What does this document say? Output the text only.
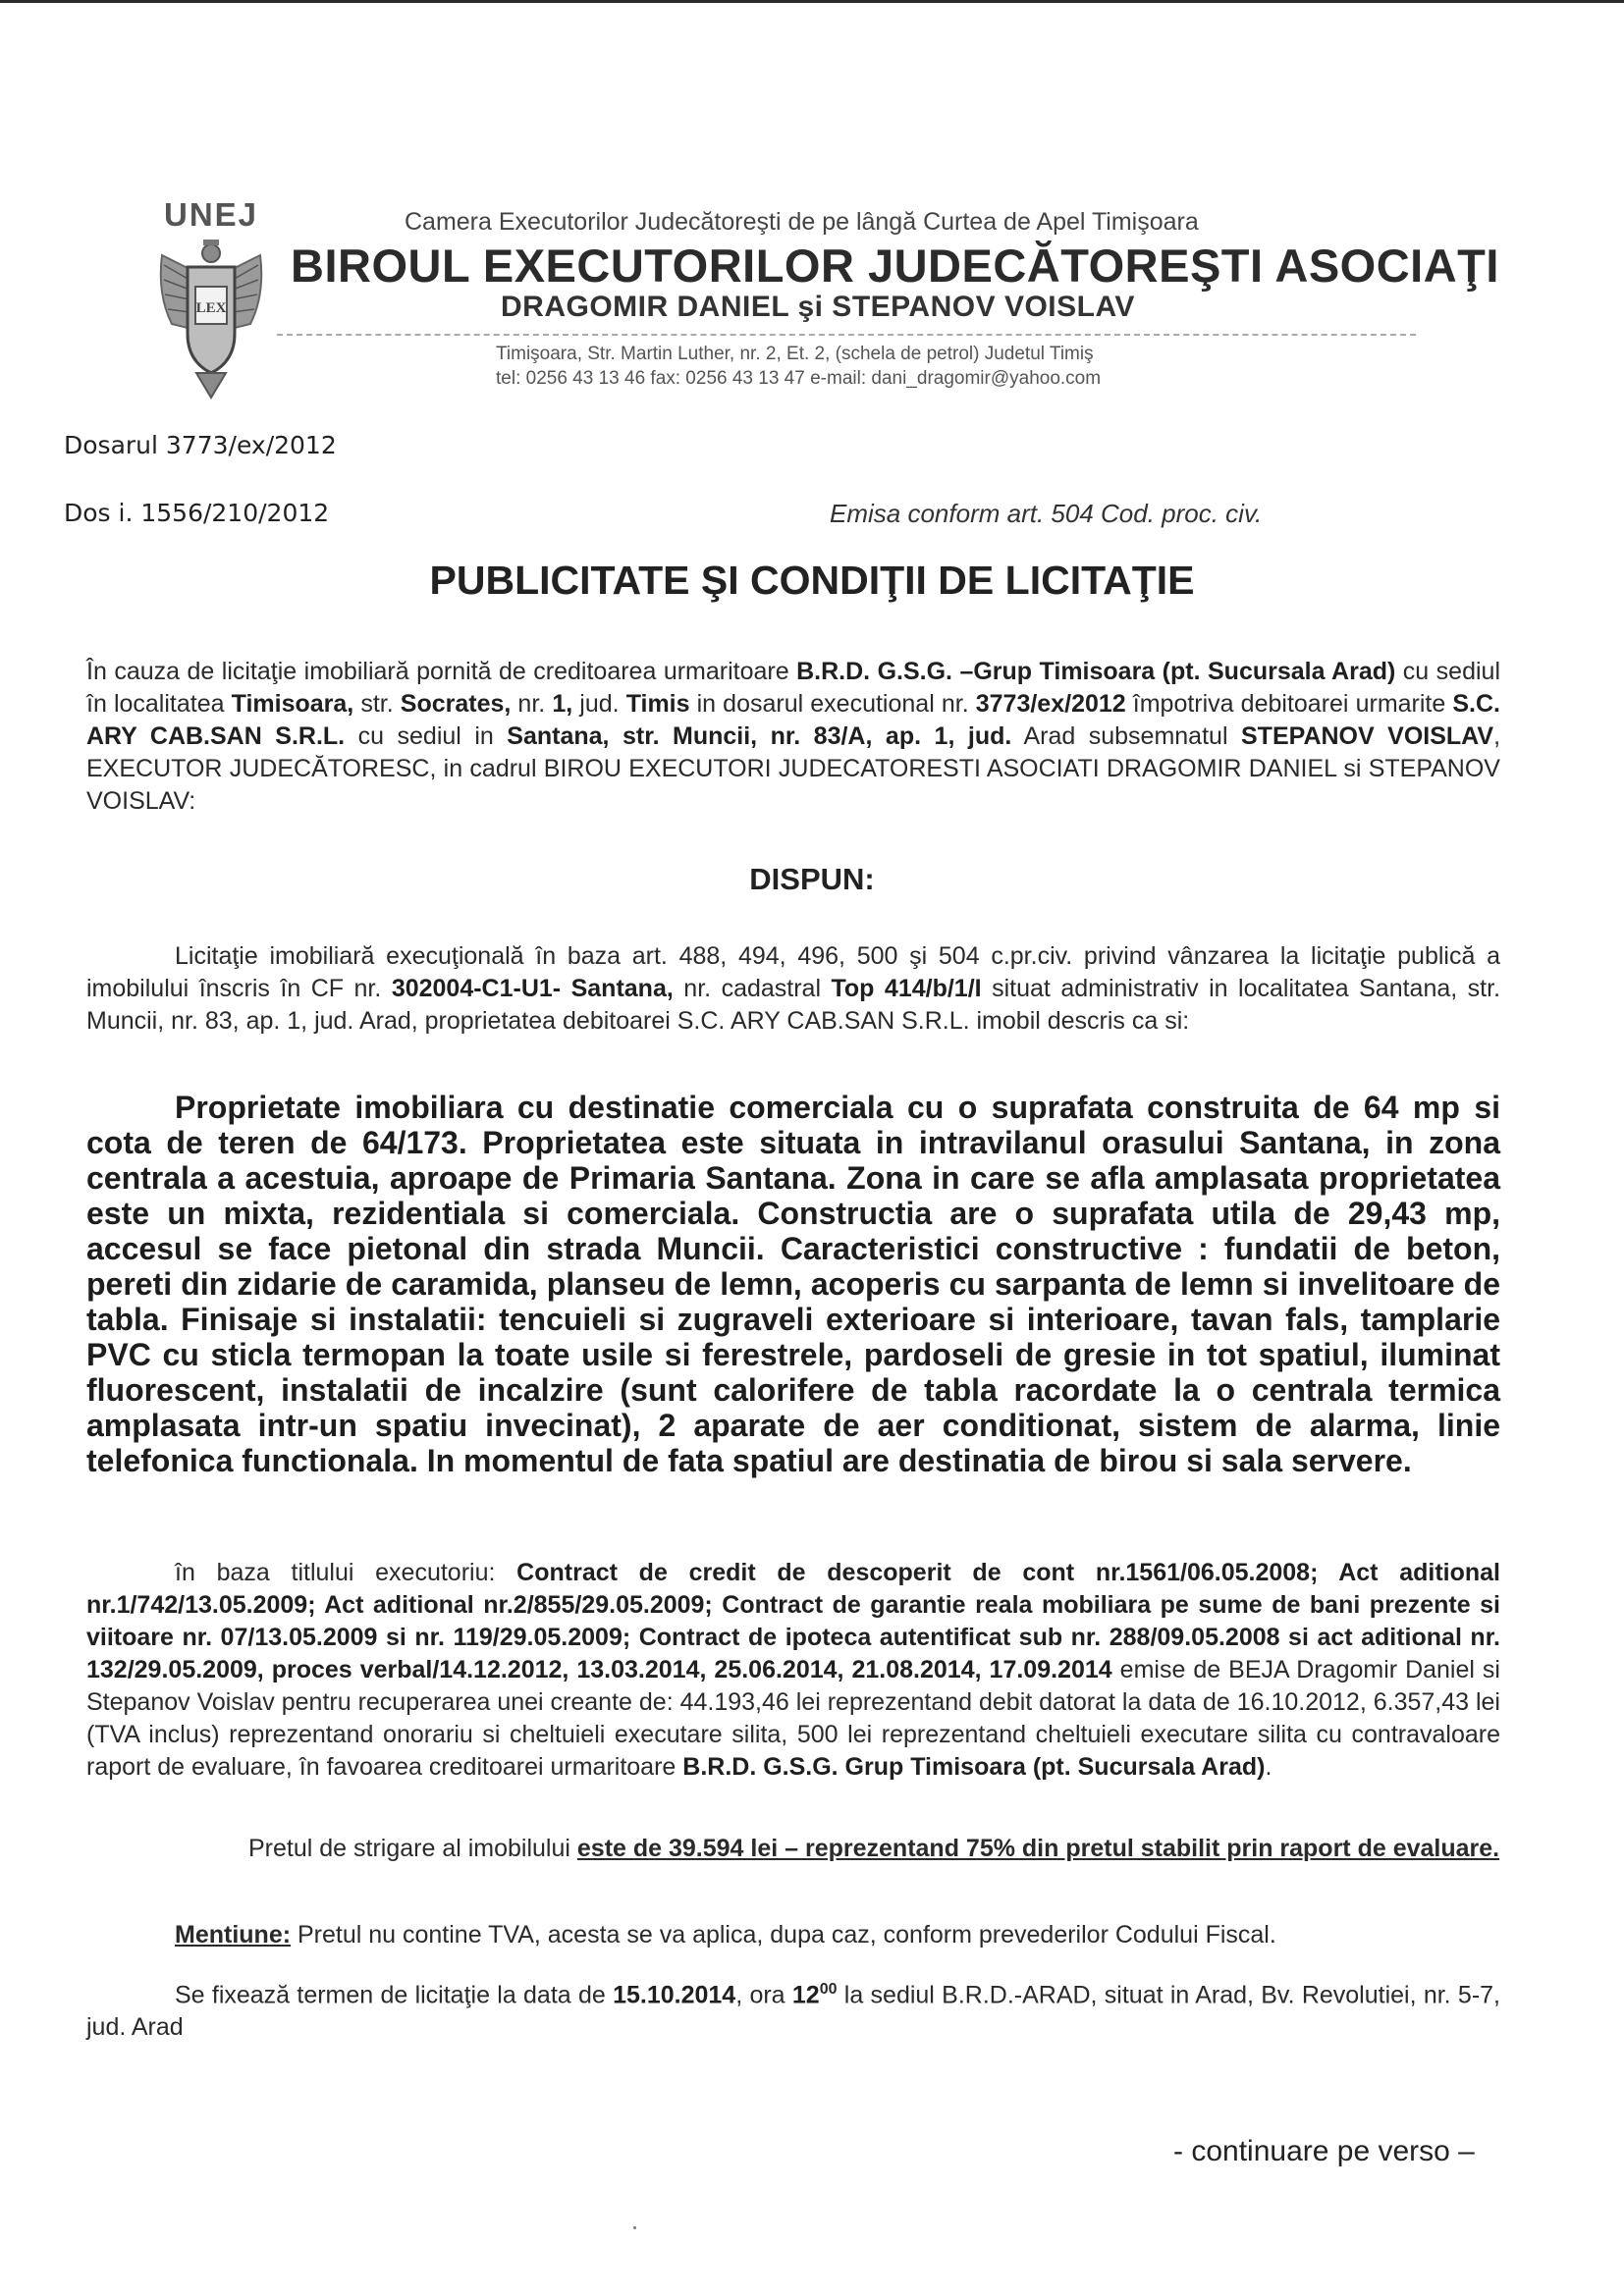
UNEJ
LEX
Camera Executorilor Judecătoreşti de pe lângă Curtea de Apel Timişoara
BIROUL EXECUTORILOR JUDECĂTOREŞTI ASOCIAŢI
DRAGOMIR DANIEL şi STEPANOV VOISLAV
Timişoara, Str. Martin Luther, nr. 2, Et. 2, (schela de petrol) Judetul Timiş
tel: 0256 43 13 46 fax: 0256 43 13 47 e-mail: dani_dragomir@yahoo.com
Dosarul 3773/ex/2012
Dos i. 1556/210/2012	Emisa conform art. 504 Cod. proc. civ.
PUBLICITATE ŞI CONDIŢII DE LICITAŢIE
În cauza de licitaţie imobiliară pornită de creditoarea urmaritoare B.R.D. G.S.G. –Grup Timisoara (pt. Sucursala Arad) cu sediul în localitatea Timisoara, str. Socrates, nr. 1, jud. Timis in dosarul executional nr. 3773/ex/2012 împotriva debitoarei urmarite S.C. ARY CAB.SAN S.R.L. cu sediul in Santana, str. Muncii, nr. 83/A, ap. 1, jud. Arad subsemnatul STEPANOV VOISLAV, EXECUTOR JUDECĂTORESC, in cadrul BIROU EXECUTORI JUDECATORESTI ASOCIATI DRAGOMIR DANIEL si STEPANOV VOISLAV:
DISPUN:
Licitaţie imobiliară execuţională în baza art. 488, 494, 496, 500 şi 504 c.pr.civ. privind vânzarea la licitaţie publică a imobilului înscris în CF nr. 302004-C1-U1- Santana, nr. cadastral Top 414/b/1/I situat administrativ in localitatea Santana, str. Muncii, nr. 83, ap. 1, jud. Arad, proprietatea debitoarei S.C. ARY CAB.SAN S.R.L. imobil descris ca si:
Proprietate imobiliara cu destinatie comerciala cu o suprafata construita de 64 mp si cota de teren de 64/173. Proprietatea este situata in intravilanul orasului Santana, in zona centrala a acestuia, aproape de Primaria Santana. Zona in care se afla amplasata proprietatea este un mixta, rezidentiala si comerciala. Constructia are o suprafata utila de 29,43 mp, accesul se face pietonal din strada Muncii. Caracteristici constructive : fundatii de beton, pereti din zidarie de caramida, planseu de lemn, acoperis cu sarpanta de lemn si invelitoare de tabla. Finisaje si instalatii: tencuieli si zugraveli exterioare si interioare, tavan fals, tamplarie PVC cu sticla termopan la toate usile si ferestrele, pardoseli de gresie in tot spatiul, iluminat fluorescent, instalatii de incalzire (sunt calorifere de tabla racordate la o centrala termica amplasata intr-un spatiu invecinat), 2 aparate de aer conditionat, sistem de alarma, linie telefonica functionala. In momentul de fata spatiul are destinatia de birou si sala servere.
în baza titlului executoriu: Contract de credit de descoperit de cont nr.1561/06.05.2008; Act aditional nr.1/742/13.05.2009; Act aditional nr.2/855/29.05.2009; Contract de garantie reala mobiliara pe sume de bani prezente si viitoare nr. 07/13.05.2009 si nr. 119/29.05.2009; Contract de ipoteca autentificat sub nr. 288/09.05.2008 si act aditional nr. 132/29.05.2009, proces verbal/14.12.2012, 13.03.2014, 25.06.2014, 21.08.2014, 17.09.2014 emise de BEJA Dragomir Daniel si Stepanov Voislav pentru recuperarea unei creante de: 44.193,46 lei reprezentand debit datorat la data de 16.10.2012, 6.357,43 lei (TVA inclus) reprezentand onorariu si cheltuieli executare silita, 500 lei reprezentand cheltuieli executare silita cu contravaloare raport de evaluare, în favoarea creditoarei urmaritoare B.R.D. G.S.G. Grup Timisoara (pt. Sucursala Arad).
Pretul de strigare al imobilului este de 39.594 lei – reprezentand 75% din pretul stabilit prin raport de evaluare.
Mentiune: Pretul nu contine TVA, acesta se va aplica, dupa caz, conform prevederilor Codului Fiscal.
Se fixează termen de licitaţie la data de 15.10.2014, ora $12^{00}$ la sediul B.R.D.-ARAD, situat in Arad, Bv. Revolutiei, nr. 5-7, jud. Arad
- continuare pe verso –
